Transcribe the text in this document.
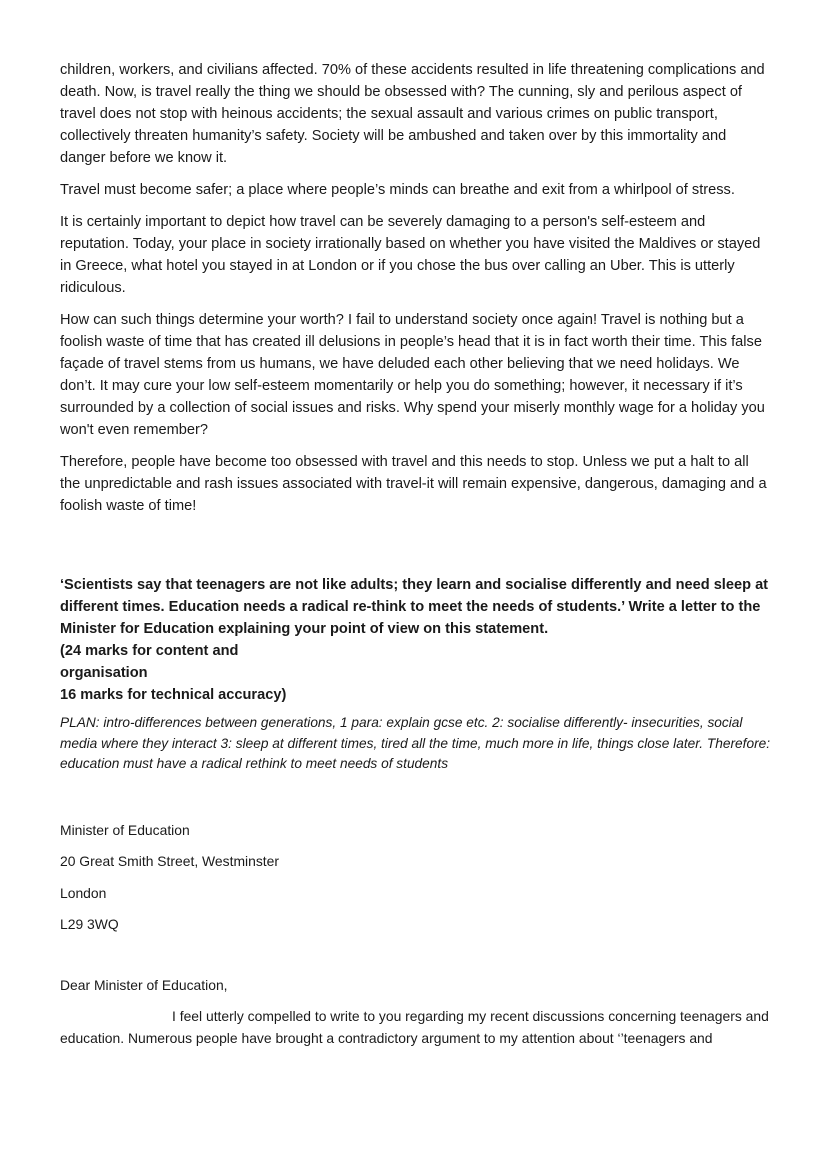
children, workers, and civilians affected. 70% of these accidents resulted in life threatening complications and death. Now, is travel really the thing we should be obsessed with? The cunning, sly and perilous aspect of travel does not stop with heinous accidents; the sexual assault and various crimes on public transport, collectively threaten humanity’s safety. Society will be ambushed and taken over by this immortality and danger before we know it.

Travel must become safer; a place where people’s minds can breathe and exit from a whirlpool of stress.

It is certainly important to depict how travel can be severely damaging to a person's self-esteem and reputation. Today, your place in society irrationally based on whether you have visited the Maldives or stayed in Greece, what hotel you stayed in at London or if you chose the bus over calling an Uber. This is utterly ridiculous.

How can such things determine your worth? I fail to understand society once again! Travel is nothing but a foolish waste of time that has created ill delusions in people’s head that it is in fact worth their time. This false façade of travel stems from us humans, we have deluded each other believing that we need holidays. We don’t. It may cure your low self-esteem momentarily or help you do something; however, it necessary if it’s surrounded by a collection of social issues and risks. Why spend your miserly monthly wage for a holiday you won't even remember?

Therefore, people have become too obsessed with travel and this needs to stop. Unless we put a halt to all the unpredictable and rash issues associated with travel-it will remain expensive, dangerous, damaging and a foolish waste of time!

‘Scientists say that teenagers are not like adults; they learn and socialise differently and need sleep at different times. Education needs a radical re-think to meet the needs of students.’ Write a letter to the Minister for Education explaining your point of view on this statement.

(24 marks for content and

organisation

16 marks for technical accuracy)

PLAN: intro-differences between generations, 1 para: explain gcse etc. 2: socialise differently- insecurities, social media where they interact 3: sleep at different times, tired all the time, much more in life, things close later. Therefore: education must have a radical rethink to meet needs of students

Minister of Education

20 Great Smith Street, Westminster

London

L29 3WQ

Dear Minister of Education,

I feel utterly compelled to write to you regarding my recent discussions concerning teenagers and education. Numerous people have brought a contradictory argument to my attention about ‘’teenagers and
